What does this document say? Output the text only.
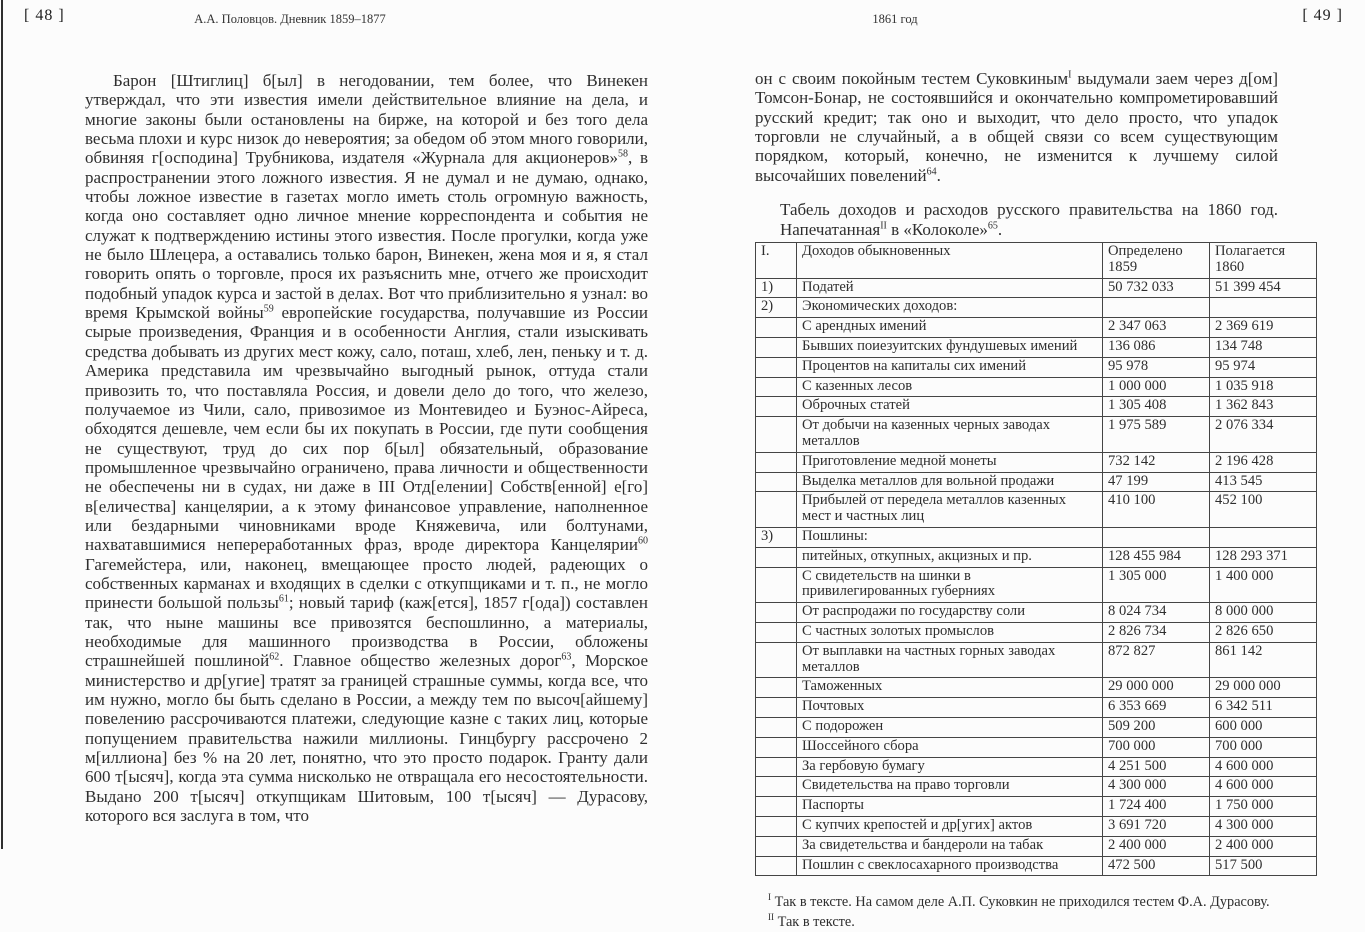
[ 48 ]	А.А. Половцов. Дневник 1859–1877	1861 год	[ 49 ]

Барон [Штиглиц] б[ыл] в негодовании, тем более, что Винекен утверждал, что эти известия имели действительное влияние на дела, и многие законы были остановлены на бирже, на которой и без того дела весьма плохи и курс низок до невероятия; за обедом об этом много говорили, обвиняя г[осподина] Трубникова, издателя «Журнала для акционеров»$^{58}$, в распространении этого ложного известия. Я не думал и не думаю, однако, чтобы ложное известие в газетах могло иметь столь огромную важность, когда оно составляет одно личное мнение корреспондента и события не служат к подтверждению истины этого известия. После прогулки, когда уже не было Шлецера, а оставались только барон, Винекен, жена моя и я, я стал говорить опять о торговле, прося их разъяснить мне, отчего же происходит подобный упадок курса и застой в делах. Вот что приблизительно я узнал: во время Крымской войны$^{59}$ европейские государства, получавшие из России сырые произведения, Франция и в особенности Англия, стали изыскивать средства добывать из других мест кожу, сало, поташ, хлеб, лен, пеньку и т. д. Америка представила им чрезвычайно выгодный рынок, оттуда стали привозить то, что поставляла Россия, и довели дело до того, что железо, получаемое из Чили, сало, привозимое из Монтевидео и Буэнос-Айреса, обходятся дешевле, чем если бы их покупать в России, где пути сообщения не существуют, труд до сих пор б[ыл] обязательный, образование промышленное чрезвычайно ограничено, права личности и общественности не обеспечены ни в судах, ни даже в III Отд[елении] Собств[енной] е[го] в[еличества] канцелярии, а к этому финансовое управление, наполненное или бездарными чиновниками вроде Княжевича, или болтунами, нахватавшимися непереработанных фраз, вроде директора Канцелярии$^{60}$ Гагемейстера, или, наконец, вмещающее просто людей, радеющих о собственных карманах и входящих в сделки с откупщиками и т. п., не могло принести большой пользы$^{61}$; новый тариф (каж[ется], 1857 г[ода]) составлен так, что ныне машины все привозятся беспошлинно, а материалы, необходимые для машинного производства в России, обложены страшнейшей пошлиной$^{62}$. Главное общество железных дорог$^{63}$, Морское министерство и др[угие] тратят за границей страшные суммы, когда все, что им нужно, могло бы быть сделано в России, а между тем по высоч[айшему] повелению рассрочиваются платежи, следующие казне с таких лиц, которые попущением правительства нажили миллионы. Гинцбургу рассрочено 2 м[иллиона] без % на 20 лет, понятно, что это просто подарок. Гранту дали 600 т[ысяч], когда эта сумма нисколько не отвращала его несостоятельности. Выдано 200 т[ысяч] откупщикам Шитовым, 100 т[ысяч] — Дурасову, которого вся заслуга в том, что

он с своим покойным тестем Суковкиным$^I$ выдумали заем через д[ом] Томсон-Бонар, не состоявшийся и окончательно компрометировавший русский кредит; так оно и выходит, что дело просто, что упадок торговли не случайный, а в общей связи со всем существующим порядком, который, конечно, не изменится к лучшему силой высочайших повелений$^{64}$.

Табель доходов и расходов русского правительства на 1860 год. Напечатанная$^{II}$ в «Колоколе»$^{65}$.

I.	Доходов обыкновенных	Определено 1859	Полагается 1860
1)	Податей	50 732 033	51 399 454
2)	Экономических доходов:		
	С арендных имений	2 347 063	2 369 619
	Бывших поиезуитских фундушевых имений	136 086	134 748
	Процентов на капиталы сих имений	95 978	95 974
	С казенных лесов	1 000 000	1 035 918
	Оброчных статей	1 305 408	1 362 843
	От добычи на казенных черных заводах металлов	1 975 589	2 076 334
	Приготовление медной монеты	732 142	2 196 428
	Выделка металлов для вольной продажи	47 199	413 545
	Прибылей от передела металлов казенных мест и частных лиц	410 100	452 100
3)	Пошлины:		
	питейных, откупных, акцизных и пр.	128 455 984	128 293 371
	С свидетельств на шинки в привилегированных губерниях	1 305 000	1 400 000
	От распродажи по государству соли	8 024 734	8 000 000
	С частных золотых промыслов	2 826 734	2 826 650
	От выплавки на частных горных заводах металлов	872 827	861 142
	Таможенных	29 000 000	29 000 000
	Почтовых	6 353 669	6 342 511
	С подорожен	509 200	600 000
	Шоссейного сбора	700 000	700 000
	За гербовую бумагу	4 251 500	4 600 000
	Свидетельства на право торговли	4 300 000	4 600 000
	Паспорты	1 724 400	1 750 000
	С купчих крепостей и др[угих] актов	3 691 720	4 300 000
	За свидетельства и бандероли на табак	2 400 000	2 400 000
	Пошлин с свеклосахарного производства	472 500	517 500

$^I$ Так в тексте. На самом деле А.П. Суковкин не приходился тестем Ф.А. Дурасову.

$^{II}$ Так в тексте.
